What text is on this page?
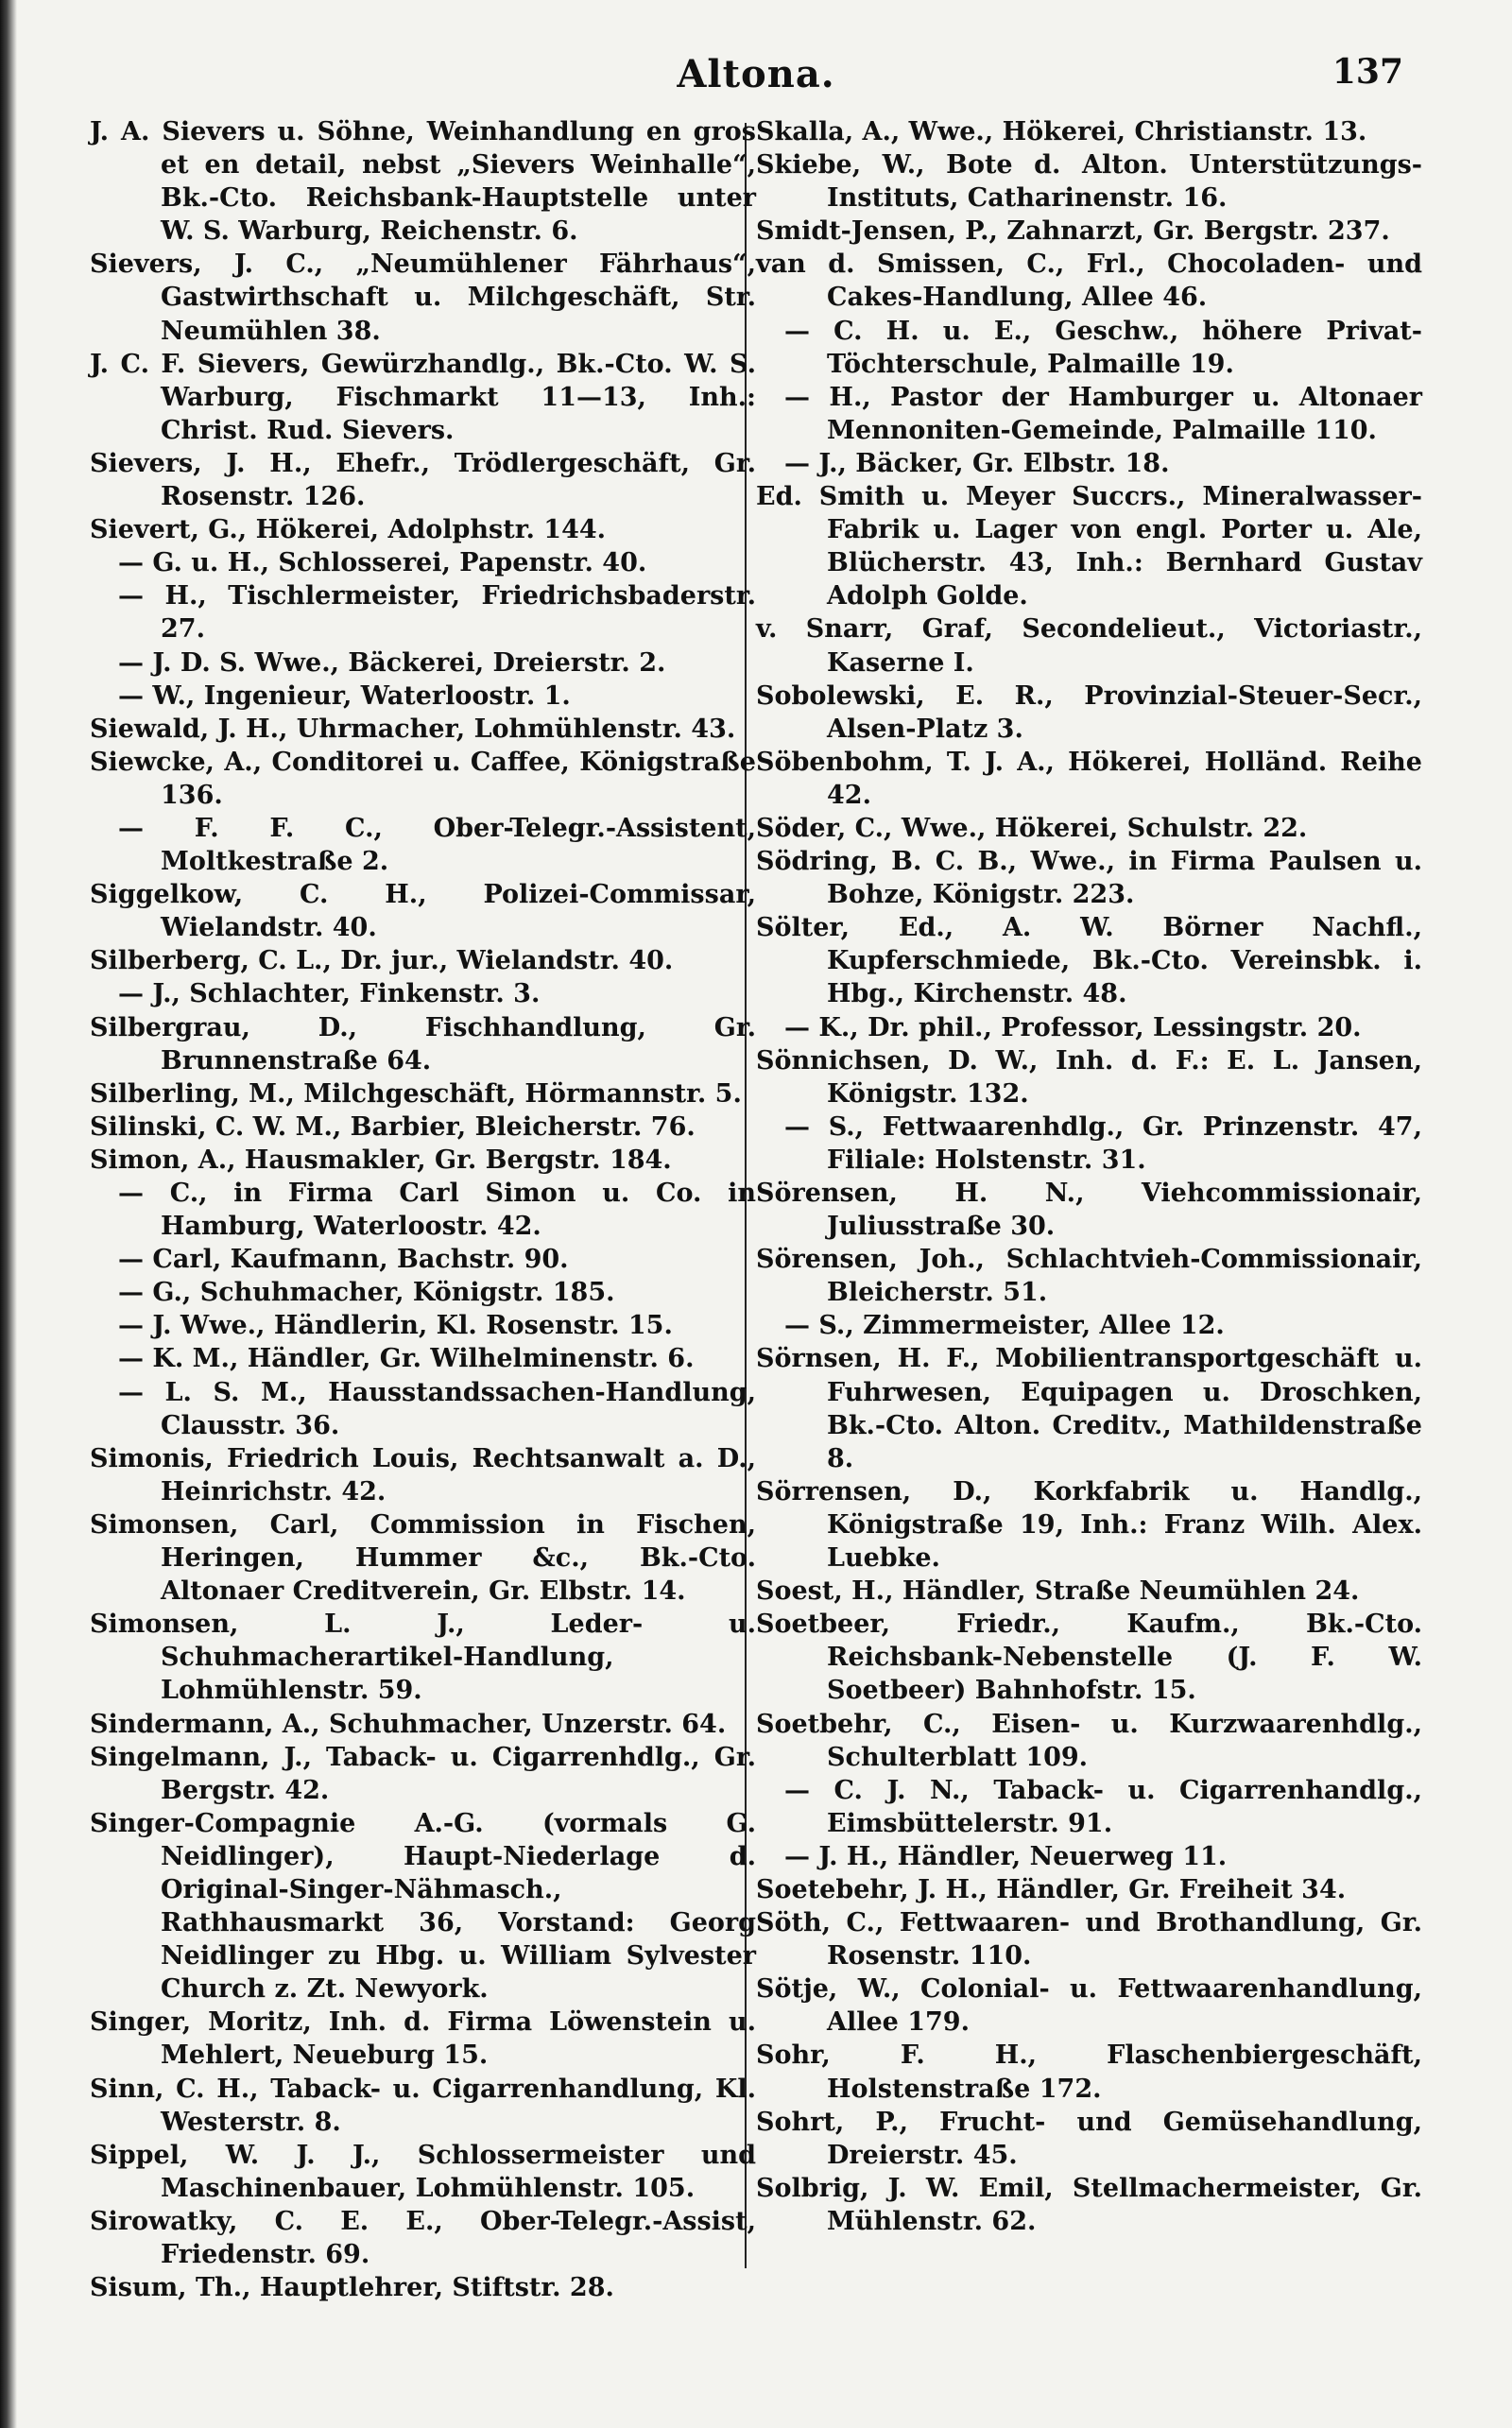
Altona.	137

J. A. Sievers u. Söhne, Weinhandlung en gros et en detail, nebst „Sievers Weinhalle“, Bk.-Cto. Reichsbank-Hauptstelle unter W. S. Warburg, Reichenstr. 6.

Sievers, J. C., „Neumühlener Fährhaus“, Gastwirthschaft u. Milchgeschäft, Str. Neumühlen 38.

J. C. F. Sievers, Gewürzhandlg., Bk.-Cto. W. S. Warburg, Fischmarkt 11—13, Inh.: Christ. Rud. Sievers.

Sievers, J. H., Ehefr., Trödlergeschäft, Gr. Rosenstr. 126.

Sievert, G., Höker​ei, Adolphstr. 144.

— G. u. H., Schlosserei, Papenstr. 40.

— H., Tischlermeister, Friedrichsbaderstr. 27.

— J. D. S. Wwe., Bäckerei, Dreierstr. 2.

— W., Ingenieur, Waterloostr. 1.

Siewald, J. H., Uhrmacher, Lohmühlenstr. 43.

Siewcke, A., Conditorei u. Caffee, Königstraße 136.

— F. F. C., Ober-Telegr.-Assistent, Moltkestraße 2.

Siggelkow, C. H., Polizei-Commissar, Wielandstr. 40.

Silberberg, C. L., Dr. jur., Wielandstr. 40.

— J., Schlachter, Finkenstr. 3.

Silbergrau, D., Fischhandlung, Gr. Brunnenstraße 64.

Silberling, M., Milchgeschäft, Hörmannstr. 5.

Silinski, C. W. M., Barbier, Bleicherstr. 76.

Simon, A., Hausmakler, Gr. Bergstr. 184.

— C., in Firma Carl Simon u. Co. in Hamburg, Waterloostr. 42.

— Carl, Kaufmann, Bachstr. 90.

— G., Schuhmacher, Königstr. 185.

— J. Wwe., Händlerin, Kl. Rosenstr. 15.

— K. M., Händler, Gr. Wilhelminenstr. 6.

— L. S. M., Hausstandssachen-Handlung, Clausstr. 36.

Simonis, Friedrich Louis, Rechtsanwalt a. D., Heinrichstr. 42.

Simonsen, Carl, Commission in Fischen, Heringen, Hummer &c., Bk.-Cto. Altonaer Creditverein, Gr. Elbstr. 14.

Simonsen, L. J., Leder- u. Schuhmacherartikel-Handlung, Lohmühlenstr. 59.

Sindermann, A., Schuhmacher, Unzerstr. 64.

Singelmann, J., Taback- u. Cigarrenhdlg., Gr. Bergstr. 42.

Singer-Compagnie A.-G. (vormals G. Neidlinger), Haupt-Niederlage d. Original-Singer-Nähmasch., Rathhausmarkt 36, Vorstand: Georg Neidlinger zu Hbg. u. William Sylvester Church z. Zt. Newyork.

Singer, Moritz, Inh. d. Firma Löwenstein u. Mehlert, Neueburg 15.

Sinn, C. H., Taback- u. Cigarrenhandlung, Kl. Westerstr. 8.

Sippel, W. J. J., Schlossermeister und Maschinenbauer, Lohmühlenstr. 105.

Sirowatky, C. E. E., Ober-Telegr.-Assist, Friedenstr. 69.

Sisum, Th., Hauptlehrer, Stiftstr. 28.

Skalla, A., Wwe., Hökerei, Christianstr. 13.

Skiebe, W., Bote d. Alton. Unterstützungs-Instituts, Catharinenstr. 16.

Smidt-Jensen, P., Zahnarzt, Gr. Bergstr. 237.

van d. Smissen, C., Frl., Chocoladen- und Cakes-Handlung, Allee 46.

— C. H. u. E., Geschw., höhere Privat-Töchterschule, Palmaille 19.

— H., Pastor der Hamburger u. Altonaer Mennoniten-Gemeinde, Palmaille 110.

— J., Bäcker, Gr. Elbstr. 18.

Ed. Smith u. Meyer Succrs., Mineralwasser-Fabrik u. Lager von engl. Porter u. Ale, Blücherstr. 43, Inh.: Bernhard Gustav Adolph Golde.

v. Snarr, Graf, Secondelieut., Victoriastr., Kaserne I.

Sobolewski, E. R., Provinzial-Steuer-Secr., Alsen-Platz 3.

Söbenbohm, T. J. A., Hökerei, Holländ. Reihe 42.

Söder, C., Wwe., Hökerei, Schulstr. 22.

Södring, B. C. B., Wwe., in Firma Paulsen u. Bohze, Königstr. 223.

Sölter, Ed., A. W. Börner Nachfl., Kupferschmiede, Bk.-Cto. Vereinsbk. i. Hbg., Kirchenstr. 48.

— K., Dr. phil., Professor, Lessingstr. 20.

Sönnichsen, D. W., Inh. d. F.: E. L. Jansen, Königstr. 132.

— S., Fettwaarenhdlg., Gr. Prinzenstr. 47, Filiale: Holstenstr. 31.

Sörensen, H. N., Viehcommissionair, Juliusstraße 30.

Sörensen, Joh., Schlachtvieh-Commissionair, Bleicherstr. 51.

— S., Zimmermeister, Allee 12.

Sörnsen, H. F., Mobilientransportgeschäft u. Fuhrwesen, Equipagen u. Droschken, Bk.-Cto. Alton. Creditv., Mathildenstraße 8.

Sörrensen, D., Korkfabrik u. Handlg., Königstraße 19, Inh.: Franz Wilh. Alex. Luebke.

Soest, H., Händler, Straße Neumühlen 24.

Soetbeer, Friedr., Kaufm., Bk.-Cto. Reichsbank-Nebenstelle (J. F. W. Soetbeer) Bahnhofstr. 15.

Soetbehr, C., Eisen- u. Kurzwaarenhdlg., Schulterblatt 109.

— C. J. N., Taback- u. Cigarrenhandlg., Eimsbüttelerstr. 91.

— J. H., Händler, Neuerweg 11.

Soetebehr, J. H., Händler, Gr. Freiheit 34.

Söth, C., Fettwaaren- und Brothandlung, Gr. Rosenstr. 110.

Sötje, W., Colonial- u. Fettwaarenhandlung, Allee 179.

Sohr, F. H., Flaschenbiergeschäft, Holstenstraße 172.

Sohrt, P., Frucht- und Gemüsehandlung, Dreierstr. 45.

Solbrig, J. W. Emil, Stellmachermeister, Gr. Mühlenstr. 62.
